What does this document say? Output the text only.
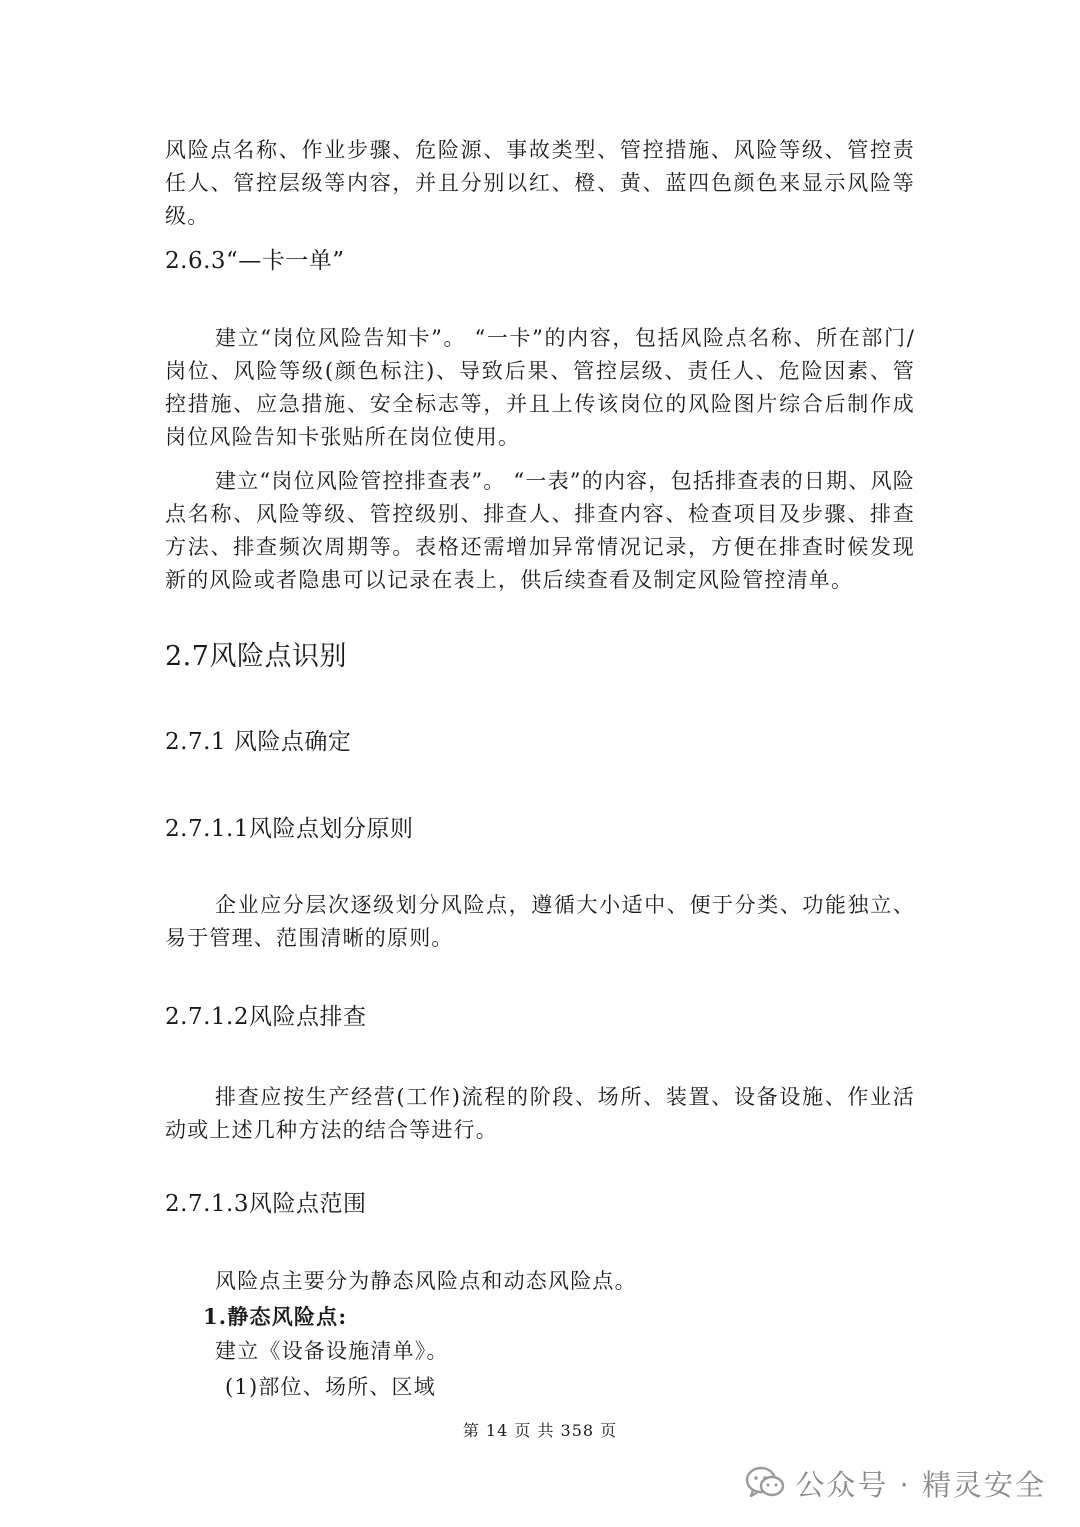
风险点名称、作业步骤、危险源、事故类型、管控措施、风险等级、管控责任人、管控层级等内容，并且分别以红、橙、黄、蓝四色颜色来显示风险等级。

2.6.3“—卡一单”

建立“岗位风险告知卡”。 “一卡”的内容，包括风险点名称、所在部门/岗位、风险等级(颜色标注)、导致后果、管控层级、责任人、危险因素、管控措施、应急措施、安全标志等，并且上传该岗位的风险图片综合后制作成岗位风险告知卡张贴所在岗位使用。

建立“岗位风险管控排查表”。 “一表”的内容，包括排查表的日期、风险点名称、风险等级、管控级别、排查人、排查内容、检查项目及步骤、排查方法、排查频次周期等。表格还需增加异常情况记录，方便在排查时候发现新的风险或者隐患可以记录在表上，供后续查看及制定风险管控清单。

2.7风险点识别
2.7.1 风险点确定
2.7.1.1风险点划分原则

企业应分层次逐级划分风险点，遵循大小适中、便于分类、功能独立、易于管理、范围清晰的原则。

2.7.1.2风险点排查

排查应按生产经营(工作)流程的阶段、场所、装置、设备设施、作业活动或上述几种方法的结合等进行。

2.7.1.3风险点范围

风险点主要分为静态风险点和动态风险点。

1.静态风险点:

建立《设备设施清单》。

(1)部位、场所、区域

第 14 页 共 358 页
公众号 · 精灵安全
